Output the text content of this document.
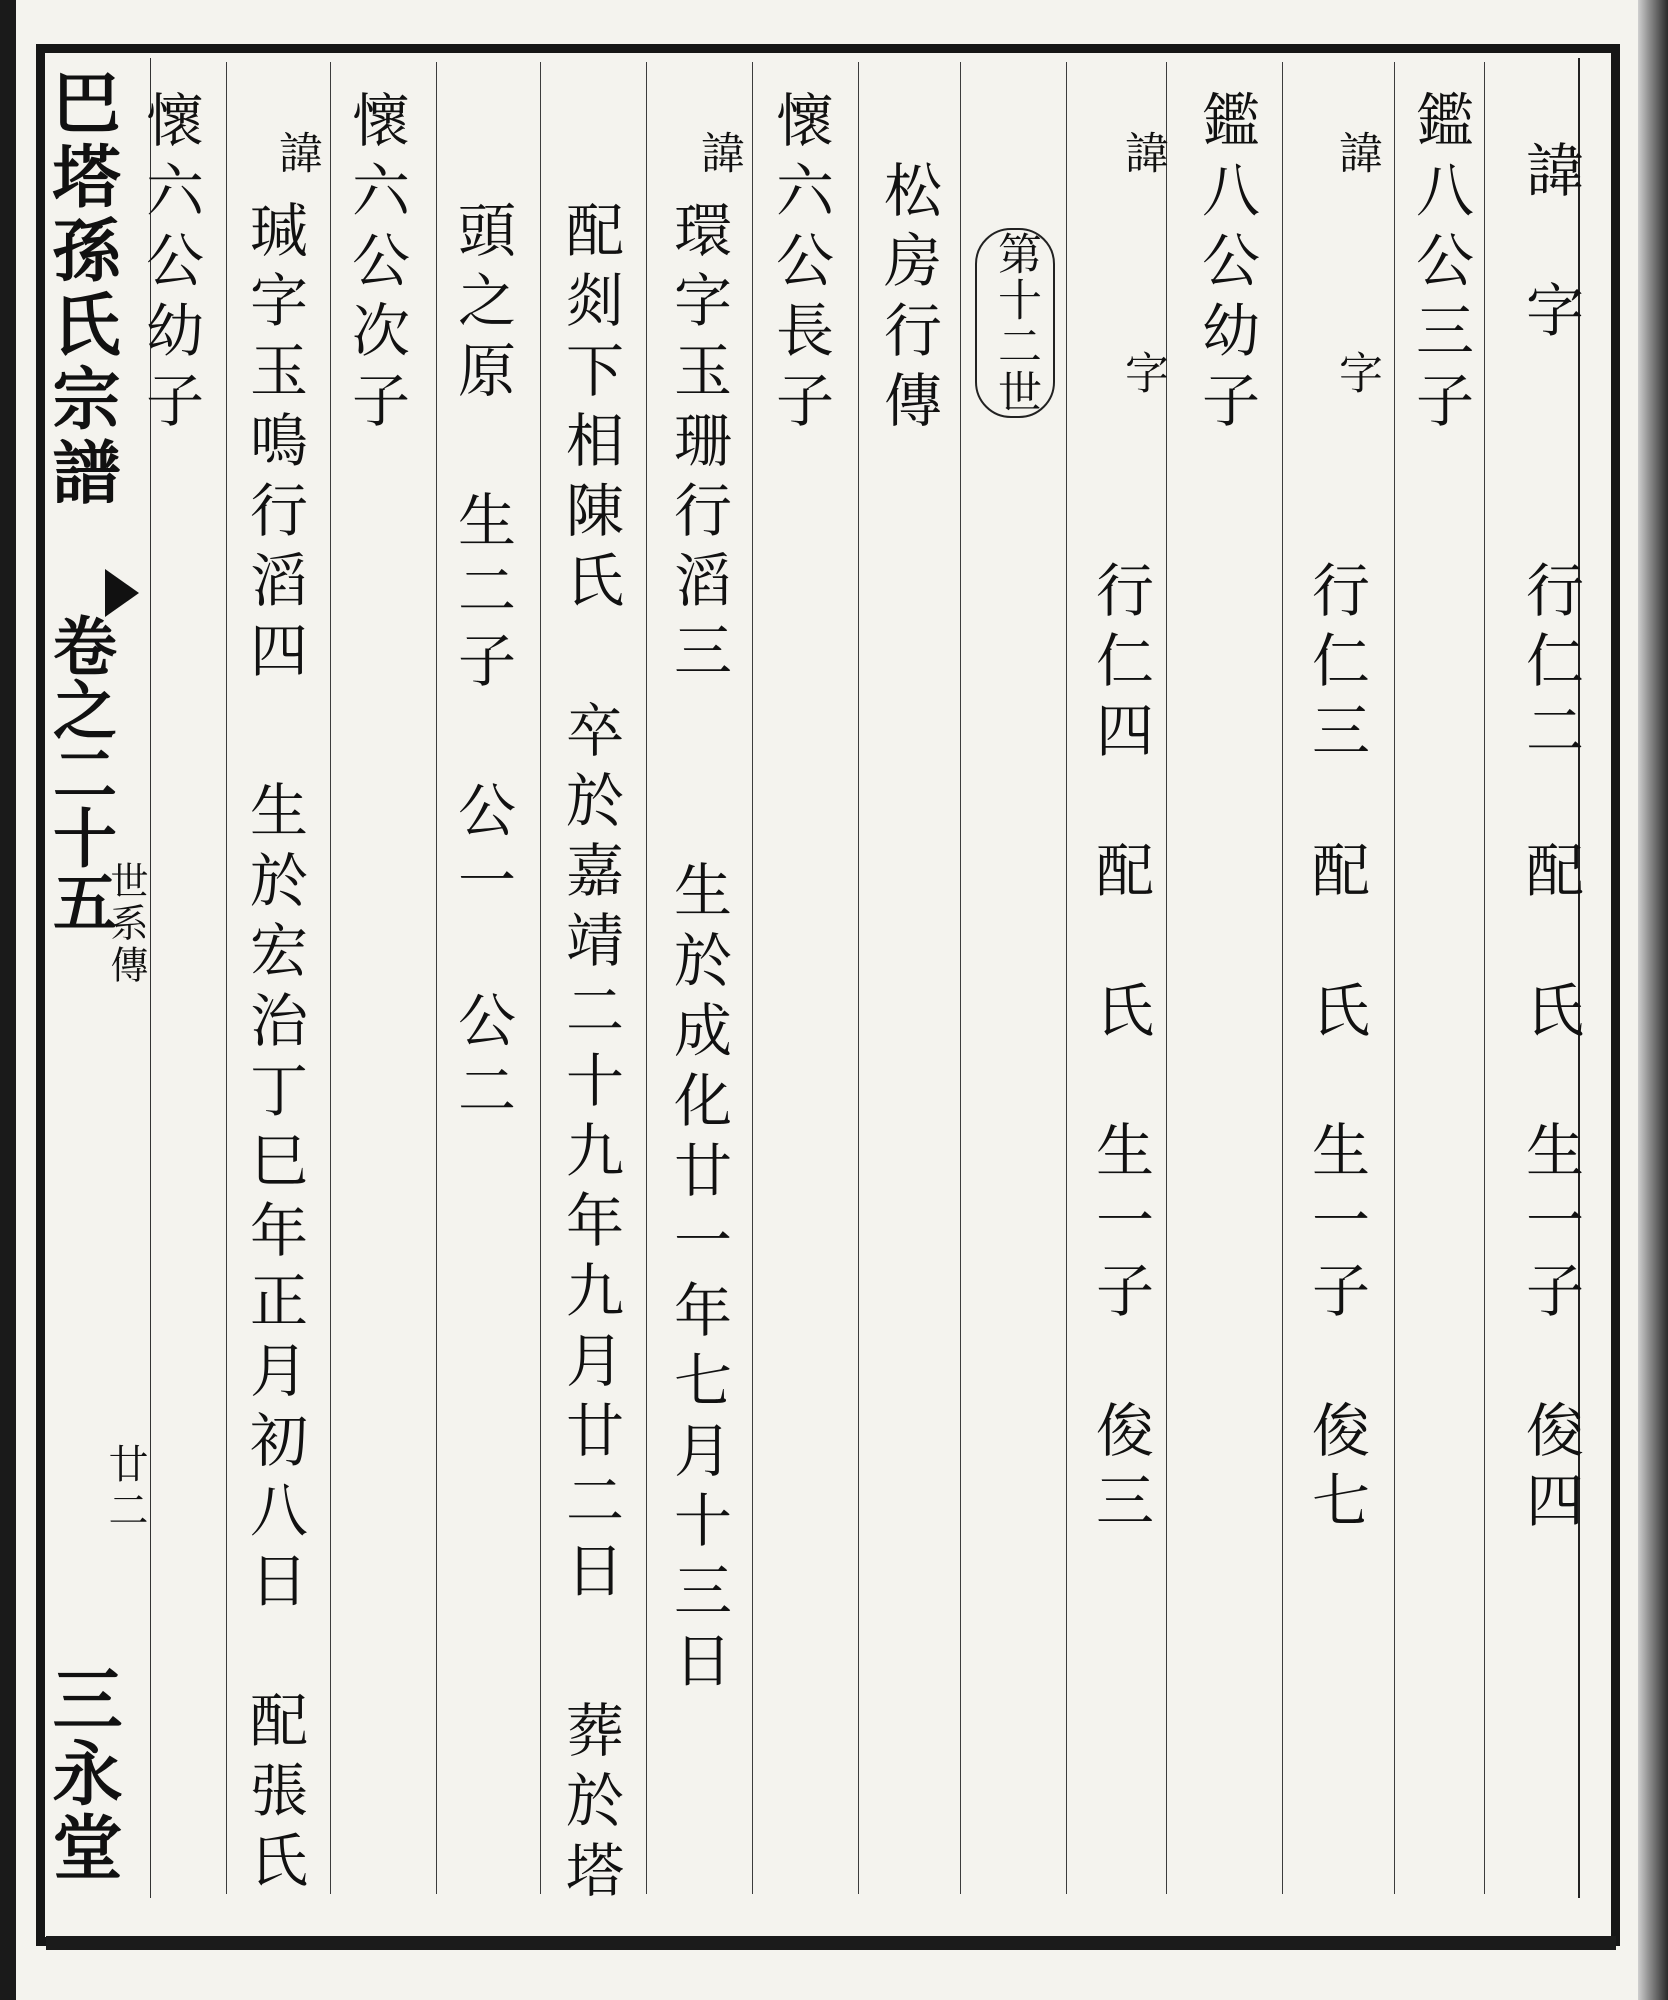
巴塔孫氏宗譜
卷之二十五
世系傳
廿二
三永堂
諱　字
行仁二　配　氏　生一子　俊四
鑑八公三子
諱
字
行仁三　配　氏　生一子　俊七
鑑八公幼子
諱
字
行仁四　配　氏　生一子　俊三
第十二世
松房行傳
懷六公長子
諱
環字玉珊行滔三
生於成化廿一年七月十三日
配剡下相陳氏
卒於嘉靖二十九年九月廿二日
葬於塔
頭之原
生二子
公一　公二
懷六公次子
諱
瑊字玉鳴行滔四
生於宏治丁巳年正月初八日
配張氏
懷六公幼子
